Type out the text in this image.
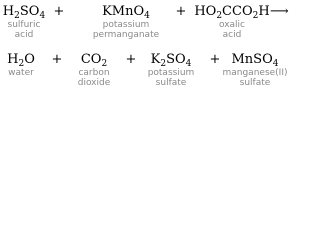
$H_2SO_4$
sulfuric
acid
+	KMnO$_4$
potassium
permanganate
+ $HO_2CCO_2H$
oxalic
acid
⟶
$H_2O$
water
+ $CO_2$
carbon
dioxide
+ $K_2SO_4$
potassium
sulfate
+ MnSO$_4$
manganese(II)
sulfate
